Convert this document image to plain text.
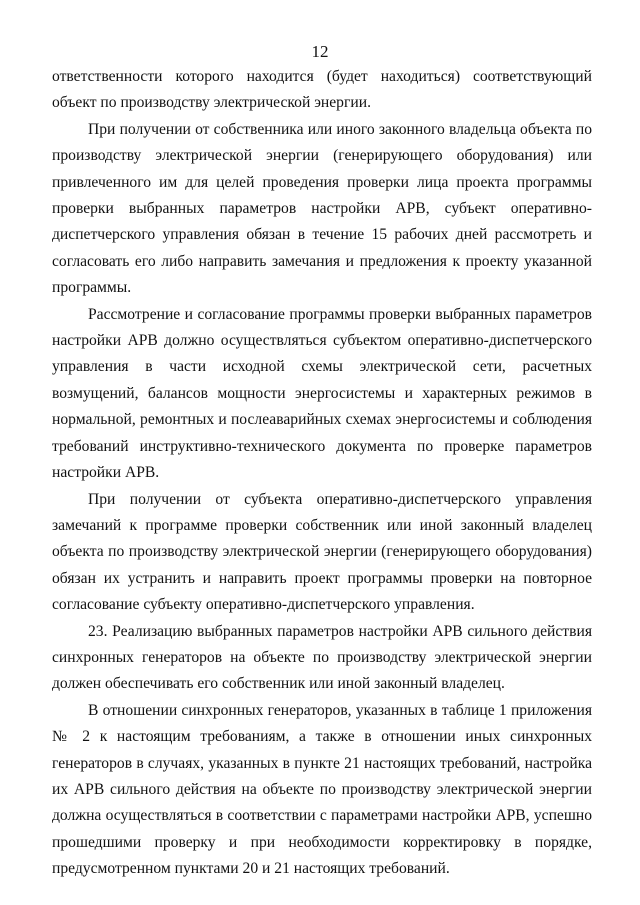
12

ответственности которого находится (будет находиться) соответствующий объект по производству электрической энергии.

При получении от собственника или иного законного владельца объекта по производству электрической энергии (генерирующего оборудования) или привлеченного им для целей проведения проверки лица проекта программы проверки выбранных параметров настройки АРВ, субъект оперативно-диспетчерского управления обязан в течение 15 рабочих дней рассмотреть и согласовать его либо направить замечания и предложения к проекту указанной программы.

Рассмотрение и согласование программы проверки выбранных параметров настройки АРВ должно осуществляться субъектом оперативно-диспетчерского управления в части исходной схемы электрической сети, расчетных возмущений, балансов мощности энергосистемы и характерных режимов в нормальной, ремонтных и послеаварийных схемах энергосистемы и соблюдения требований инструктивно-технического документа по проверке параметров настройки АРВ.

При получении от субъекта оперативно-диспетчерского управления замечаний к программе проверки собственник или иной законный владелец объекта по производству электрической энергии (генерирующего оборудования) обязан их устранить и направить проект программы проверки на повторное согласование субъекту оперативно-диспетчерского управления.

23. Реализацию выбранных параметров настройки АРВ сильного действия синхронных генераторов на объекте по производству электрической энергии должен обеспечивать его собственник или иной законный владелец.

В отношении синхронных генераторов, указанных в таблице 1 приложения № 2 к настоящим требованиям, а также в отношении иных синхронных генераторов в случаях, указанных в пункте 21 настоящих требований, настройка их АРВ сильного действия на объекте по производству электрической энергии должна осуществляться в соответствии с параметрами настройки АРВ, успешно прошедшими проверку и при необходимости корректировку в порядке, предусмотренном пунктами 20 и 21 настоящих требований.
